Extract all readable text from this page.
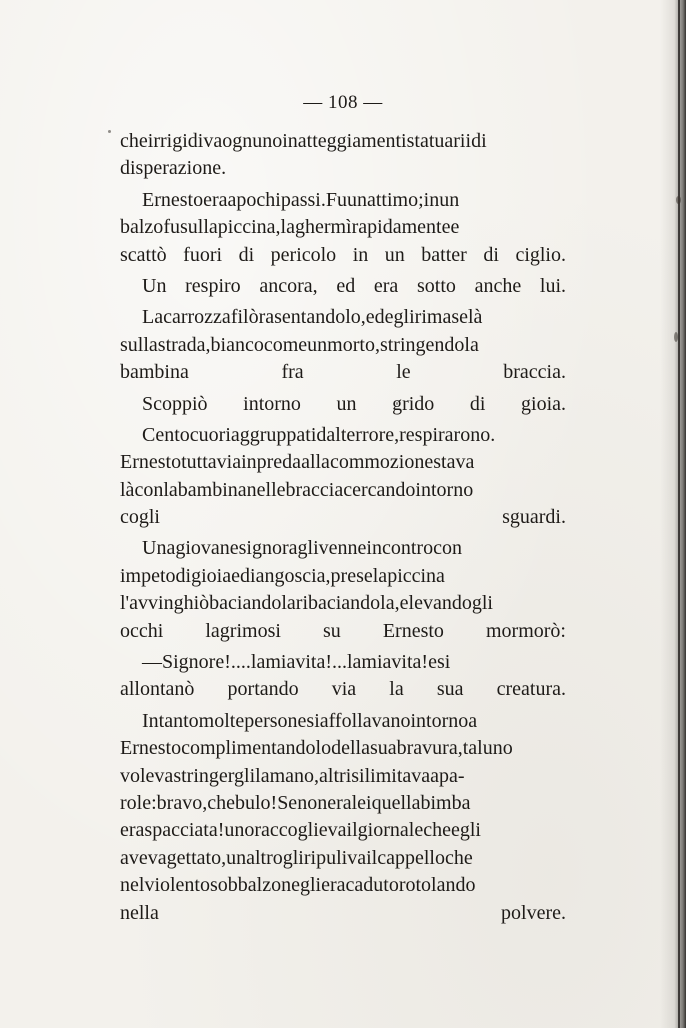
— 108 —
cheirrigidivaognunoinatteggiamentistatuariidi
disperazione.
Ernestoeraapochipassi.Fuunattimo;inun
balzofusullapiccina,laghermìrapidamentee
scattò fuori di pericolo in un batter di ciglio.
Un respiro ancora, ed era sotto anche lui.
Lacarrozzafilòrasentandolo,edeglirimaselà
sullastrada,biancocomeunmorto,stringendola
bambina fra le braccia.
Scoppiò intorno un grido di gioia.
Centocuoriaggruppatidalterrore,respirarono.
Ernestotuttaviainpredaallacommozionestava
làconlabambinanellebracciacercandointorno
cogli sguardi.
Unagiovanesignoraglivenneincontrocon
impetodigioiaediangoscia,preselapiccina
l'avvinghiòbaciandolaribaciandola,elevandogli
occhi lagrimosi su Ernesto mormorò:
—Signore!....lamiavita!...lamiavita!esi
allontanò portando via la sua creatura.
Intantomoltepersonesiaffollavanointornoa
Ernestocomplimentandolodellasuabravura,taluno
volevastringerglilamano,altrisilimitavaapa-
role:bravo,chebulo!Senoneraleiquellabimba
eraspacciata!unoraccoglievailgiornalecheegli
avevagettato,unaltrogliripulivailcappelloche
nelviolentosobbalzoneglieracadutorotolando
nella polvere.
